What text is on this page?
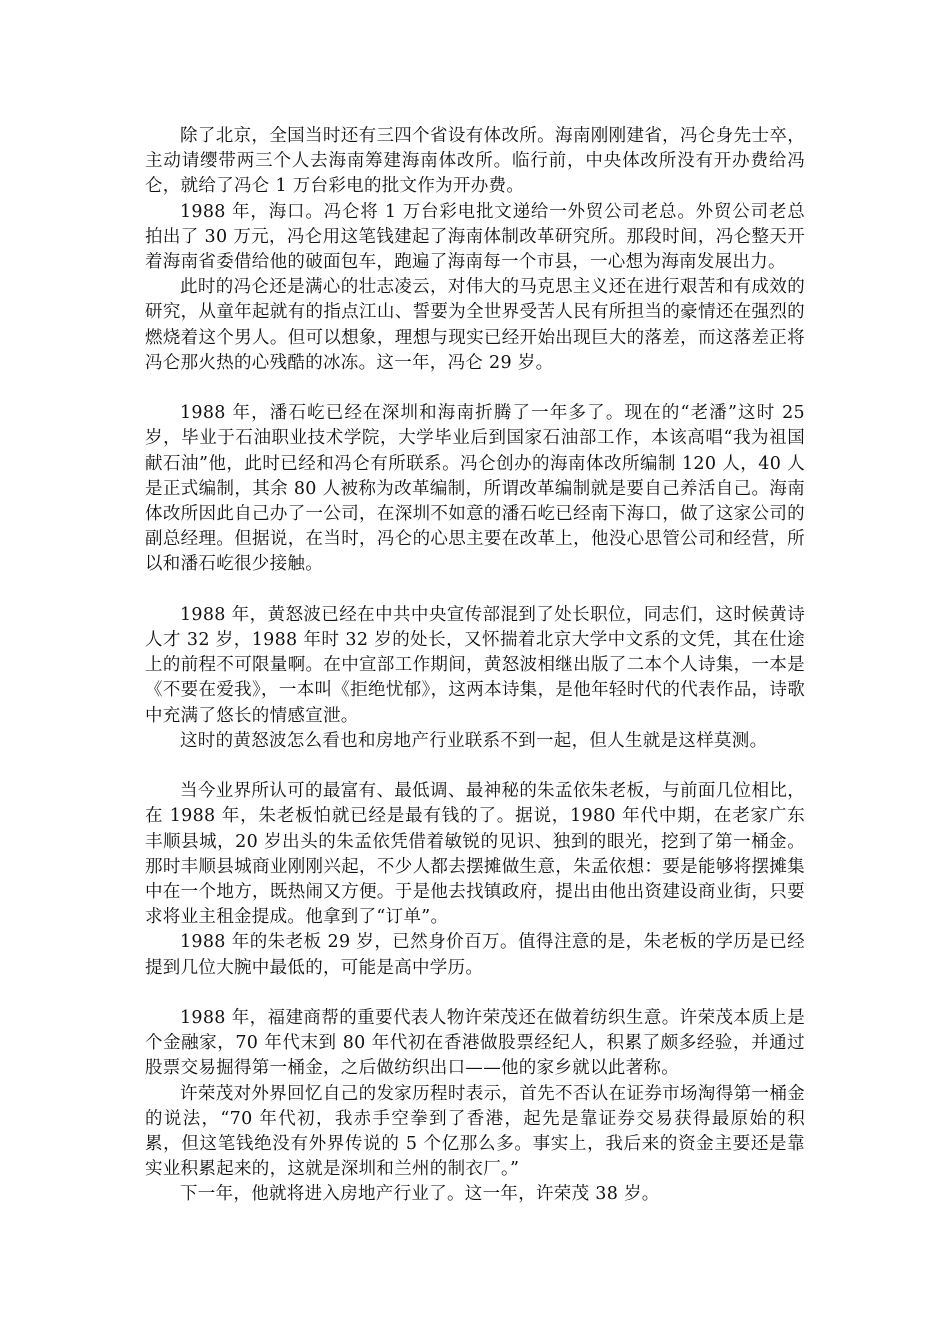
除了北京，全国当时还有三四个省设有体改所。海南刚刚建省，冯仑身先士卒，主动请缨带两三个人去海南筹建海南体改所。临行前，中央体改所没有开办费给冯仑，就给了冯仑 1 万台彩电的批文作为开办费。

1988 年，海口。冯仑将 1 万台彩电批文递给一外贸公司老总。外贸公司老总拍出了 30 万元，冯仑用这笔钱建起了海南体制改革研究所。那段时间，冯仑整天开着海南省委借给他的破面包车，跑遍了海南每一个市县，一心想为海南发展出力。

此时的冯仑还是满心的壮志凌云，对伟大的马克思主义还在进行艰苦和有成效的研究，从童年起就有的指点江山、誓要为全世界受苦人民有所担当的豪情还在强烈的燃烧着这个男人。但可以想象，理想与现实已经开始出现巨大的落差，而这落差正将冯仑那火热的心残酷的冰冻。这一年，冯仑 29 岁。

1988 年，潘石屹已经在深圳和海南折腾了一年多了。现在的“老潘”这时 25 岁，毕业于石油职业技术学院，大学毕业后到国家石油部工作，本该高唱“我为祖国献石油”他，此时已经和冯仑有所联系。冯仑创办的海南体改所编制 120 人，40 人是正式编制，其余 80 人被称为改革编制，所谓改革编制就是要自己养活自己。海南体改所因此自己办了一公司，在深圳不如意的潘石屹已经南下海口，做了这家公司的副总经理。但据说，在当时，冯仑的心思主要在改革上，他没心思管公司和经营，所以和潘石屹很少接触。

1988 年，黄怒波已经在中共中央宣传部混到了处长职位，同志们，这时候黄诗人才 32 岁，1988 年时 32 岁的处长，又怀揣着北京大学中文系的文凭，其在仕途上的前程不可限量啊。在中宣部工作期间，黄怒波相继出版了二本个人诗集，一本是《不要在爱我》，一本叫《拒绝忧郁》，这两本诗集，是他年轻时代的代表作品，诗歌中充满了悠长的情感宣泄。

这时的黄怒波怎么看也和房地产行业联系不到一起，但人生就是这样莫测。

当今业界所认可的最富有、最低调、最神秘的朱孟依朱老板，与前面几位相比，在 1988 年，朱老板怕就已经是最有钱的了。据说，1980 年代中期，在老家广东丰顺县城，20 岁出头的朱孟依凭借着敏锐的见识、独到的眼光，挖到了第一桶金。那时丰顺县城商业刚刚兴起，不少人都去摆摊做生意，朱孟依想：要是能够将摆摊集中在一个地方，既热闹又方便。于是他去找镇政府，提出由他出资建设商业街，只要求将业主租金提成。他拿到了“订单”。

1988 年的朱老板 29 岁，已然身价百万。值得注意的是，朱老板的学历是已经提到几位大腕中最低的，可能是高中学历。

1988 年，福建商帮的重要代表人物许荣茂还在做着纺织生意。许荣茂本质上是个金融家，70 年代末到 80 年代初在香港做股票经纪人，积累了颇多经验，并通过股票交易掘得第一桶金，之后做纺织出口——他的家乡就以此著称。

许荣茂对外界回忆自己的发家历程时表示，首先不否认在证券市场淘得第一桶金的说法，“70 年代初，我赤手空拳到了香港，起先是靠证券交易获得最原始的积累，但这笔钱绝没有外界传说的 5 个亿那么多。事实上，我后来的资金主要还是靠实业积累起来的，这就是深圳和兰州的制衣厂。”

下一年，他就将进入房地产行业了。这一年，许荣茂 38 岁。
